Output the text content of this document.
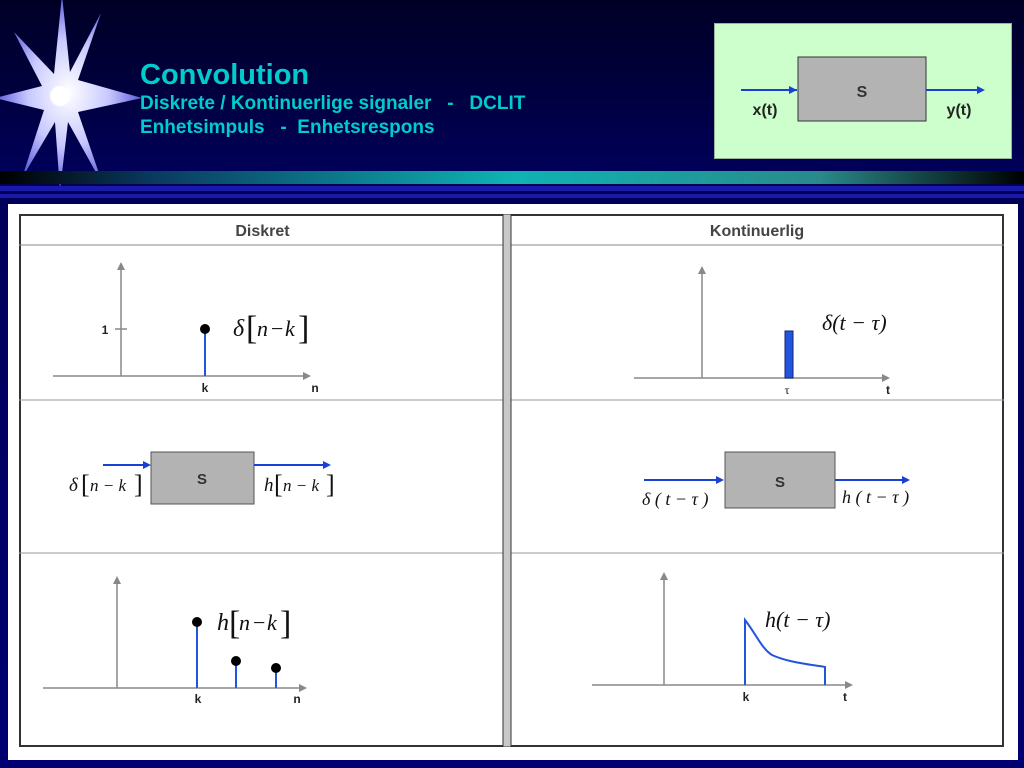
Convolution
Diskrete / Kontinuerlige signaler   -   DCLIT
Enhetsimpuls   -  Enhetsrespons
S
x(t)	y(t)
Diskret	Kontinuerlig
1
k	n
δ [ n − k ]
S
δ [ n − k ]	h [ n − k ]
k	n
h [
n − k ]
τ	t
δ(t − τ)
S
δ ( t − τ )	h ( t − τ )
k	t
h(t − τ)
